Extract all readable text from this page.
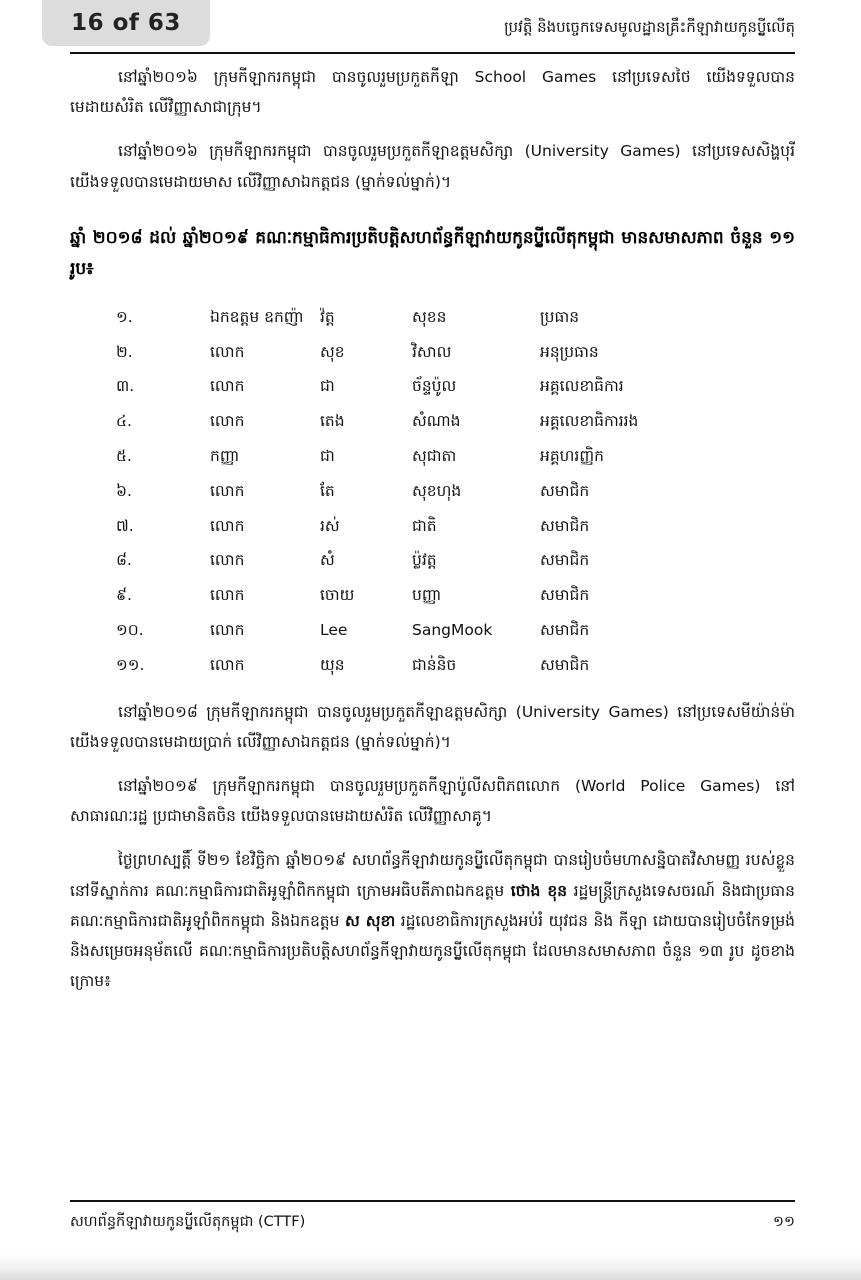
16 of 63	ប្រវត្តិ និងបច្ចេកទេសមូលដ្ឋានគ្រឹះកីឡាវាយកូនប្ញ្លីលើតុ

នៅឆ្នាំ២០១៦ ក្រុមកីឡាករកម្ពុជា បានចូលរួមប្រកួតកីឡា School Games នៅប្រទេសថៃ យើងទទួលបានមេដាយសំរិត លើវិញ្ញាសាជាក្រុម។

នៅឆ្នាំ២០១៦ ក្រុមកីឡាករកម្ពុជា បានចូលរួមប្រកួតកីឡាឧត្តមសិក្សា (University Games) នៅប្រទេសសិង្ហបុរី យើងទទួលបានមេដាយមាស លើវិញ្ញាសាឯកត្តជន (ម្នាក់ទល់ម្នាក់)។

ឆ្នាំ ២០១៨ ដល់ ឆ្នាំ២០១៩ គណៈកម្មាធិការប្រតិបត្តិសហព័ន្ធកីឡាវាយកូនប្ញ្លីលើតុកម្ពុជា មានសមាសភាព ចំនួន ១១ រូប៖
១.	ឯកឧត្តម ឧកញ៉ា	វ៉ត្ត	សុខន	ប្រធាន
២.	លោក	សុខ	វិសាល	អនុប្រធាន
៣.	លោក	ជា	ច័ន្ទប៉ូល	អគ្គលេខាធិការ
៤.	លោក	តេង	សំណាង	អគ្គលេខាធិការរង
៥.	កញ្ញា	ជា	សុជាតា	អគ្គហរញ្ញិក
៦.	លោក	តែ	សុខហុង	សមាជិក
៧.	លោក	រស់	ជាតិ	សមាជិក
៨.	លោក	សំ	ប៉្លវត្ត	សមាជិក
៩.	លោក	ចោយ	បញ្ញា	សមាជិក
១០.	លោក	Lee	SangMook	សមាជិក
១១.	លោក	យុន	ជាន់និច	សមាជិក

នៅឆ្នាំ២០១៨ ក្រុមកីឡាករកម្ពុជា បានចូលរួមប្រកួតកីឡាឧត្តមសិក្សា (University Games) នៅប្រទេសមីយ៉ាន់ម៉ា យើងទទួលបានមេដាយប្រាក់ លើវិញ្ញាសាឯកត្តជន (ម្នាក់ទល់ម្នាក់)។

នៅឆ្នាំ២០១៩ ក្រុមកីឡាករកម្ពុជា បានចូលរួមប្រកួតកីឡាប៉ូលីសពិភពលោក (World Police Games) នៅសាធារណៈរដ្ឋ ប្រជាមានិតចិន យើងទទួលបានមេដាយសំរិត លើវិញ្ញាសាគូ។

ថ្ងៃព្រហស្បត្តិ៍ ទី២១ ខែវិច្ឆិកា ឆ្នាំ២០១៩ សហព័ន្ធកីឡាវាយកូនប្ញ្លីលើតុកម្ពុជា បានរៀបចំមហាសន្និបាតវិសាមញ្ញ របស់ខ្លួននៅទីស្នាក់ការ គណៈកម្មាធិការជាតិអូឡាំពិកកម្ពុជា ក្រោមអធិបតីភាពឯកឧត្តម ថោង ខុន រដ្ឋមន្ត្រីក្រសួងទេសចរណ៍ និងជាប្រធានគណៈកម្មាធិការជាតិអូឡាំពិកកម្ពុជា និងឯកឧត្តម ស សុខា រដ្ឋលេខាធិការក្រសួងអប់រំ យុវជន និង កីឡា ដោយបានរៀបចំកែទម្រង់ និងសម្រេចអនុម័តលើ គណៈកម្មាធិការប្រតិបត្តិសហព័ន្ធកីឡាវាយកូនប្ញ្លីលើតុកម្ពុជា ដែលមានសមាសភាព ចំនួន ១៣ រូប ដូចខាងក្រោម៖

សហព័ន្ធកីឡាវាយកូនប្ញ្លីលើតុកម្ពុជា (CTTF)	១១
